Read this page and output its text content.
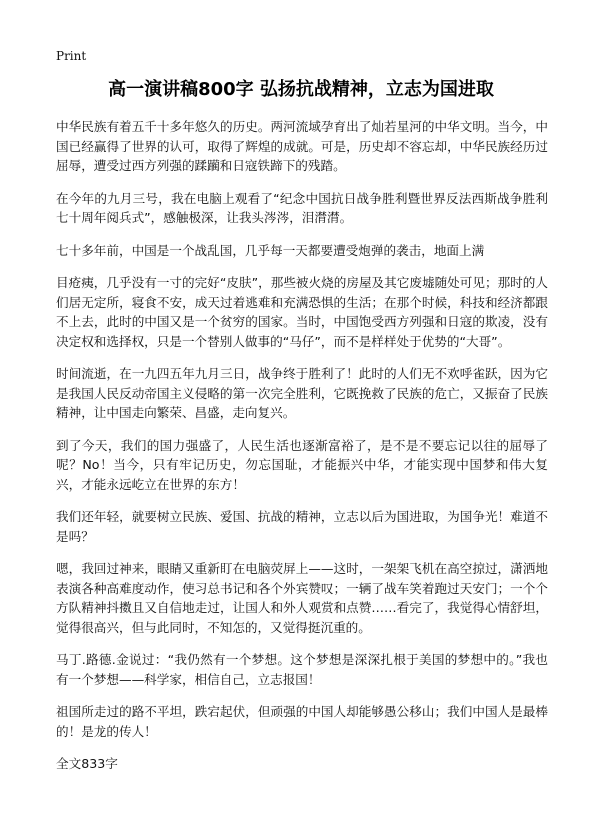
Print
高一演讲稿800字 弘扬抗战精神，立志为国进取

中华民族有着五千十多年悠久的历史。两河流域孕育出了灿若星河的中华文明。当今，中国已经赢得了世界的认可，取得了辉煌的成就。可是，历史却不容忘却，中华民族经历过屈辱，遭受过西方列强的蹂躏和日寇铁蹄下的残踏。

在今年的九月三号，我在电脑上观看了“纪念中国抗日战争胜利暨世界反法西斯战争胜利七十周年阅兵式”，感触极深，让我头涔涔，泪潸潸。

七十多年前，中国是一个战乱国，几乎每一天都要遭受炮弹的袭击，地面上满

目疮痍，几乎没有一寸的完好“皮肤”，那些被火烧的房屋及其它废墟随处可见；那时的人们居无定所，寝食不安，成天过着逃难和充满恐惧的生活；在那个时候，科技和经济都跟不上去，此时的中国又是一个贫穷的国家。当时，中国饱受西方列强和日寇的欺凌，没有决定权和选择权，只是一个替别人做事的“马仔”，而不是样样处于优势的“大哥”。

时间流逝，在一九四五年九月三日，战争终于胜利了！此时的人们无不欢呼雀跃，因为它是我国人民反动帝国主义侵略的第一次完全胜利，它既挽救了民族的危亡，又振奋了民族精神，让中国走向繁荣、昌盛，走向复兴。

到了今天，我们的国力强盛了，人民生活也逐渐富裕了，是不是不要忘记以往的屈辱了呢？No！当今，只有牢记历史，勿忘国耻，才能振兴中华，才能实现中国梦和伟大复兴，才能永远屹立在世界的东方！

我们还年轻，就要树立民族、爱国、抗战的精神，立志以后为国进取，为国争光！难道不是吗？

嗯，我回过神来，眼睛又重新盯在电脑荧屏上——这时，一架架飞机在高空掠过，潇洒地表演各种高难度动作，使习总书记和各个外宾赞叹；一辆了战车笑着跑过天安门；一个个方队精神抖擞且又自信地走过，让国人和外人观赏和点赞……看完了，我觉得心情舒坦，觉得很高兴，但与此同时，不知怎的，又觉得挺沉重的。

马丁.路德.金说过：“我仍然有一个梦想。这个梦想是深深扎根于美国的梦想中的。”我也有一个梦想——科学家，相信自己，立志报国！

祖国所走过的路不平坦，跌宕起伏，但顽强的中国人却能够愚公移山；我们中国人是最棒的！是龙的传人！

全文833字
